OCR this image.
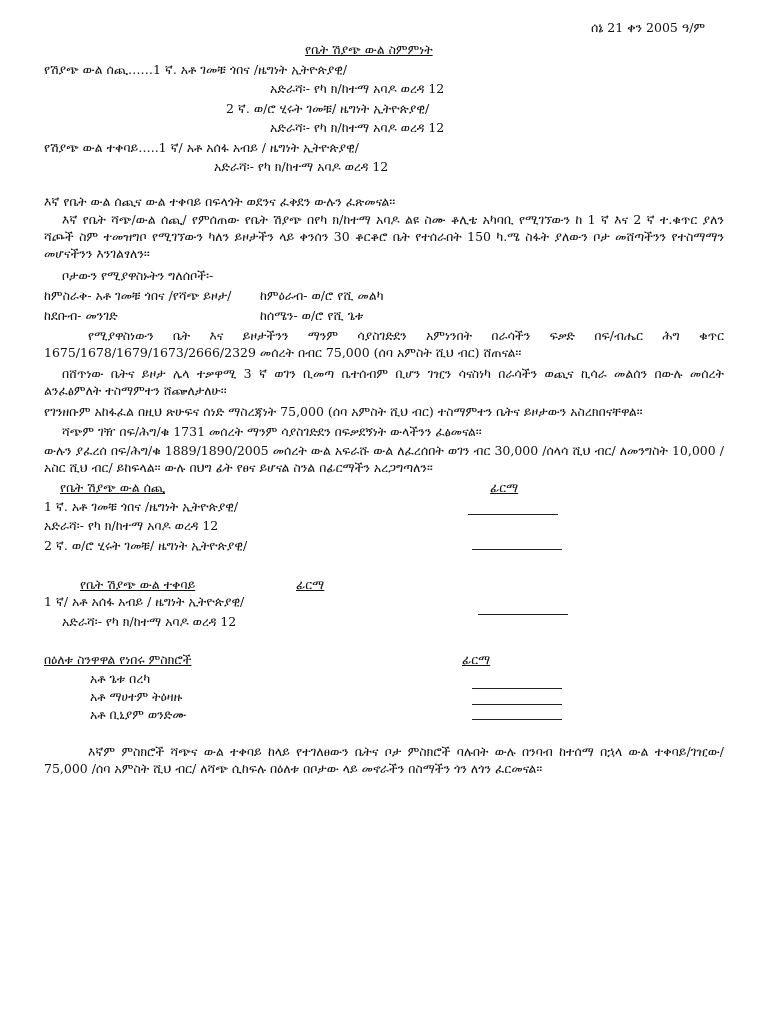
ሰኔ 21 ቀን 2005 ዓ/ም
የቤት ሽያጭ ውል ስምምነት
የሽያጭ ውል ሰጪ……1 ኛ. አቶ ገመቹ ጎበና /ዜግነት ኢትዮጵያዊ/
አድራሻ፡- የካ ክ/ከተማ አባዶ ወረዳ 12
2 ኛ. ወ/ሮ ሂሩት ገመቹ/ ዜግነት ኢትዮጵያዊ/
አድራሻ፡- የካ ክ/ከተማ አባዶ ወረዳ 12
የሽያጭ ውል ተቀባይ…..1 ኛ/ አቶ አሰፋ አብይ / ዜግነት ኢትዮጵያዊ/
አድራሻ፡- የካ ክ/ከተማ አባዶ ወረዳ 12
እኛ የቤት ውል ሰጪና ውል ተቀባይ በፍላጎት ወደንና ፈቅደን ውሉን ፈጽመናል፡፡
እኛ የቤት ሻጭ/ውል ሰጪ/ የምሰጠው የቤት ሽያጭ በየካ ክ/ከተማ አባዶ ልዩ ስሙ ቆሊቴ አካባቢ የሚገኘውን ከ 1 ኛ እና 2 ኛ ተ.ቁጥር ያለን ሻጮች ስም ተመዝግቦ የሚገኘውን ካለን ይዞታችን ላይ ቀንሰን 30 ቆርቆሮ ቤት የተሰራበት 150 ካ.ሜ ስፋት ያለውን ቦታ መሸጣችንን የተስማማን መሆናችንን እንገልፃለን፡፡
ቦታውን የሚያዋስኑትን ግለሰቦች፡-
ከምስራቅ- አቶ ገመቹ ጎበና /የሻጭ ይዞታ/ ከምዕራብ- ወ/ሮ የሺ መልካ
ከደቡብ- መንገድ	ከሰሜን- ወ/ሮ የሺ ጌቱ
የሚያዋስነውን ቤት እና ይዞታችንን ማንም ሳያስገድደን አምነንበት በራሳችን ፍቃድ በፍ/ብሔር ሕግ ቁጥር 1675/1678/1679/1673/2666/2329 መሰረት በብር 75,000 (ሰባ አምስት ሺህ ብር) ሸጠናል፡፡
በሸጥነው ቤትና ይዞታ ሌላ ተቃዋሚ 3 ኛ ወገን ቢመጣ ቤተሰብም ቢሆን ገዢን ሳናስነካ በራሳችን ወጪና ኪሳራ መልሰን በውሉ መሰረት ልንፈፅምለት ተስማምተን ሸጬለታለሁ፡፡
የገንዘቡም አከፋፈል በዚህ ጽሁፍና ሰነድ ማስረጃነት 75,000 (ሰባ አምስት ሺህ ብር) ተስማምተን ቤትና ይዞታውን አስረክበናቸዋል፡፡
ሻጭም ገዥ በፍ/ሕግ/ቁ 1731 መሰረት ማንም ሳያስገድደን በፍቃደኝነት ውላችንን ፈፅመናል፡፡
ውሉን ያፈረሰ በፍ/ሕግ/ቁ 1889/1890/2005 መሰረት ውል አፍራሹ ውል ለፈረሰበት ወገን ብር 30,000 /ሰላሳ ሺህ ብር/ ለመንግስት 10,000 /አስር ሺህ ብር/ ይከፍላል፡፡ ውሉ በህግ ፊት የፀና ይሆናል ስንል በፊርማችን አረጋግጣለን፡፡
የቤት ሽያጭ ውል ሰጪ	ፊርማ
1 ኛ. አቶ ገመቹ ጎበና /ዜግነት ኢትዮጵያዊ/
አድራሻ፡- የካ ክ/ከተማ አባዶ ወረዳ 12
2 ኛ. ወ/ሮ ሂሩት ገመቹ/ ዜግነት ኢትዮጵያዊ/
የቤት ሽያጭ ውል ተቀባይ	ፊርማ
1 ኛ/ አቶ አሰፋ አብይ / ዜግነት ኢትዮጵያዊ/
አድራሻ፡- የካ ክ/ከተማ አባዶ ወረዳ 12
በዕለቱ ስንዋዋል የነበሩ ምስክሮች	ፊርማ
አቶ ጌቱ በረካ
አቶ ማሀተም ትዕዛዙ
አቶ ቢኒያም ወንድሙ
እኛም ምስክሮች ሻጭና ውል ተቀባይ ከላይ የተገለፀውን ቤትና ቦታ ምስክሮች ባሉበት ውሉ በንባብ ከተሰማ በኋላ ውል ተቀባይ/ገዢው/ 75,000 /ሰባ አምስት ሺህ ብር/ ለሻጭ ሲከፍሉ በዕለቱ በቦታው ላይ መኖራችን በስማችን ጎን ለጎን ፈርመናል፡፡
